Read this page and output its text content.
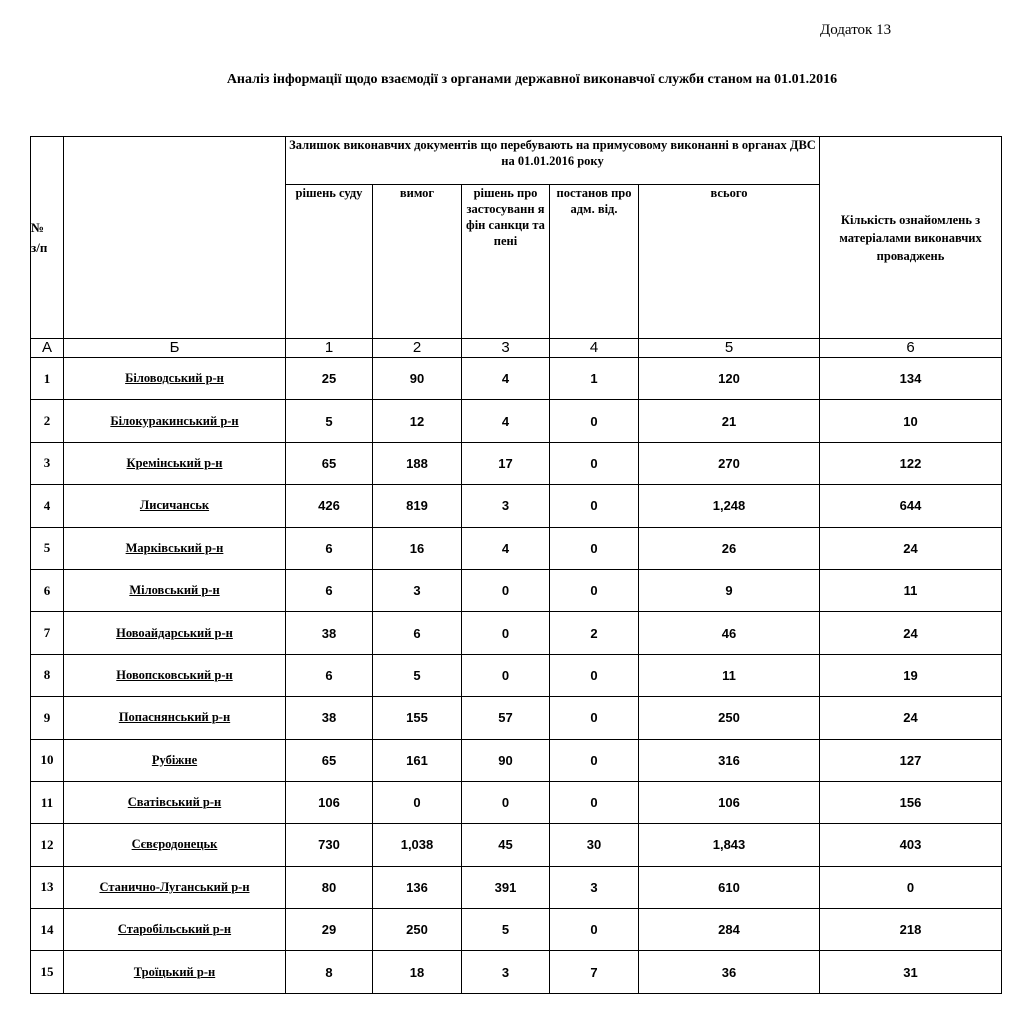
Додаток 13
Аналіз інформації щодо взаємодії з органами державної виконавчої служби станом на 01.01.2016
№
з/п		Залишок виконавчих документів що перебувають на примусовому виконанні в органах ДВС на 01.01.2016 року					Кількість ознайомлень з матеріалами виконавчих проваджень
		рішень суду	вимог	рішень про застосуванн я фін санкци та пені	постанов про адм. від.	всього	
А	Б	1	2	3	4	5	6
1	Біловодський р-н	25	90	4	1	120	134
2	Білокуракинський р-н	5	12	4	0	21	10
3	Кремінський р-н	65	188	17	0	270	122
4	Лисичанськ	426	819	3	0	1,248	644
5	Марківський р-н	6	16	4	0	26	24
6	Міловський р-н	6	3	0	0	9	11
7	Новоайдарський р-н	38	6	0	2	46	24
8	Новопсковський р-н	6	5	0	0	11	19
9	Попаснянський р-н	38	155	57	0	250	24
10	Рубіжне	65	161	90	0	316	127
11	Сватівський р-н	106	0	0	0	106	156
12	Сєвєродонецьк	730	1,038	45	30	1,843	403
13	Станично-Луганський р-н	80	136	391	3	610	0
14	Старобільський р-н	29	250	5	0	284	218
15	Троїцький р-н	8	18	3	7	36	31
